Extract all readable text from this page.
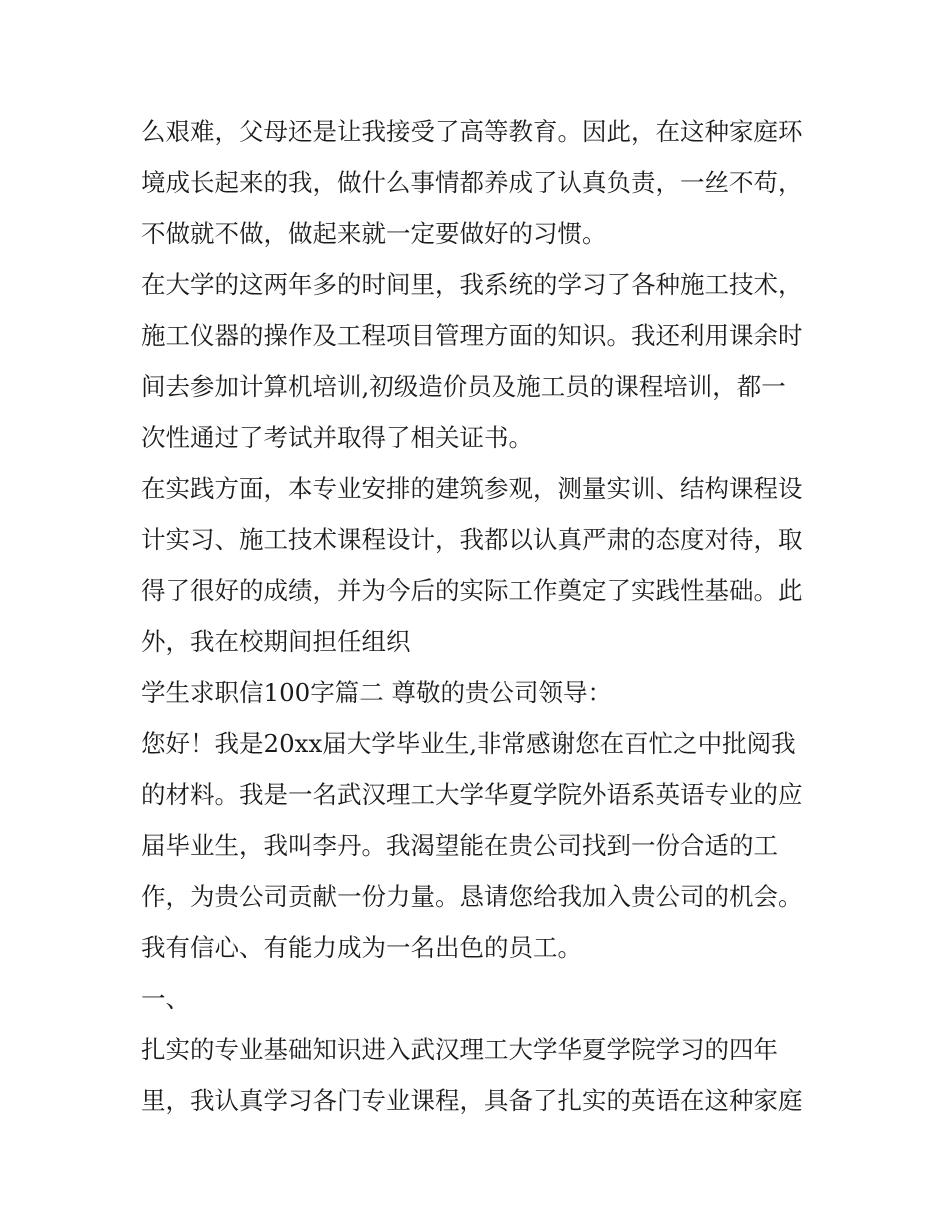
么艰难，父母还是让我接受了高等教育。因此，在这种家庭环
境成长起来的我，做什么事情都养成了认真负责，一丝不苟，
不做就不做，做起来就一定要做好的习惯。
在大学的这两年多的时间里，我系统的学习了各种施工技术，
施工仪器的操作及工程项目管理方面的知识。我还利用课余时
间去参加计算机培训,初级造价员及施工员的课程培训，都一
次性通过了考试并取得了相关证书。
在实践方面，本专业安排的建筑参观，测量实训、结构课程设
计实习、施工技术课程设计，我都以认真严肃的态度对待，取
得了很好的成绩，并为今后的实际工作奠定了实践性基础。此
外，我在校期间担任组织
学生求职信100字篇二 尊敬的贵公司领导：
您好！我是20xx届大学毕业生,非常感谢您在百忙之中批阅我
的材料。我是一名武汉理工大学华夏学院外语系英语专业的应
届毕业生，我叫李丹。我渴望能在贵公司找到一份合适的工
作，为贵公司贡献一份力量。恳请您给我加入贵公司的机会。
我有信心、有能力成为一名出色的员工。
一、
扎实的专业基础知识进入武汉理工大学华夏学院学习的四年
里，我认真学习各门专业课程，具备了扎实的英语在这种家庭
